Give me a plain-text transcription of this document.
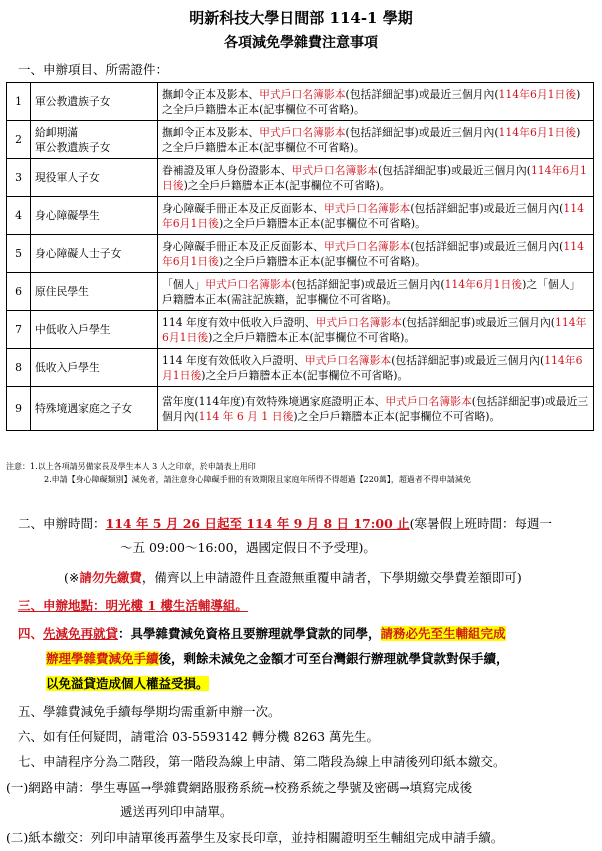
明新科技大學日間部 114-1 學期
各項減免學雜費注意事項
一、申辦項目、所需證件：
1	軍公教遺族子女	撫卹令正本及影本、甲式戶口名簿影本(包括詳細記事)或最近三個月內(114年6月1日後)之全戶戶籍謄本正本(記事欄位不可省略)。
2	給卹期滿
軍公教遺族子女	撫卹令正本及影本、甲式戶口名簿影本(包括詳細記事)或最近三個月內(114年6月1日後)之全戶戶籍謄本正本(記事欄位不可省略)。
3	現役軍人子女	眷補證及軍人身份證影本、甲式戶口名簿影本(包括詳細記事)或最近三個月內(114年6月1日後)之全戶戶籍謄本正本(記事欄位不可省略)。
4	身心障礙學生	身心障礙手冊正本及正反面影本、甲式戶口名簿影本(包括詳細記事)或最近三個月內(114年6月1日後)之全戶戶籍謄本正本(記事欄位不可省略)。
5	身心障礙人士子女	身心障礙手冊正本及正反面影本、甲式戶口名簿影本(包括詳細記事)或最近三個月內(114年6月1日後)之全戶戶籍謄本正本(記事欄位不可省略)。
6	原住民學生	「個人」甲式戶口名簿影本(包括詳細記事)或最近三個月內(114年6月1日後)之「個人」戶籍謄本正本(需註記族籍，記事欄位不可省略)。
7	中低收入戶學生	114 年度有效中低收入戶證明、甲式戶口名簿影本(包括詳細記事)或最近三個月內(114年6月1日後)之全戶戶籍謄本正本(記事欄位不可省略)。
8	低收入戶學生	114 年度有效低收入戶證明、甲式戶口名簿影本(包括詳細記事)或最近三個月內(114年6月1日後)之全戶戶籍謄本正本(記事欄位不可省略)。
9	特殊境遇家庭之子女	當年度(114年度)有效特殊境遇家庭證明正本、甲式戶口名簿影本(包括詳細記事)或最近三個月內(114 年 6 月 1 日後)之全戶戶籍謄本正本(記事欄位不可省略)。
注意：1.以上各項請另備家長及學生本人 3 人之印章，於申請表上用印
2.申請【身心障礙類別】減免者，請注意身心障礙手冊的有效期限且家庭年所得不得超過【220萬】，超過者不得申請減免
二、申辦時間：114 年 5 月 26 日起至 114 年 9 月 8 日 17:00 止(寒暑假上班時間：每週一
～五 09:00～16:00，遇國定假日不予受理)。
(※請勿先繳費，備齊以上申請證件且查證無重覆申請者，下學期繳交學費差額即可)
三、申辦地點：明光樓 1 樓生活輔導組。
四、先減免再就貸：具學雜費減免資格且要辦理就學貸款的同學，請務必先至生輔組完成
辦理學雜費減免手續後，剩餘未減免之金額才可至台灣銀行辦理就學貸款對保手續，
以免溢貸造成個人權益受損。
五、學雜費減免手續每學期均需重新申辦一次。
六、如有任何疑問，請電洽 03-5593142 轉分機 8263 萬先生。
七、申請程序分為二階段，第一階段為線上申請、第二階段為線上申請後列印紙本繳交。
(一)網路申請：學生專區→學雜費網路服務系統→校務系統之學號及密碼→填寫完成後
遞送再列印申請單。
(二)紙本繳交：列印申請單後再蓋學生及家長印章，並持相關證明至生輔組完成申請手續。
